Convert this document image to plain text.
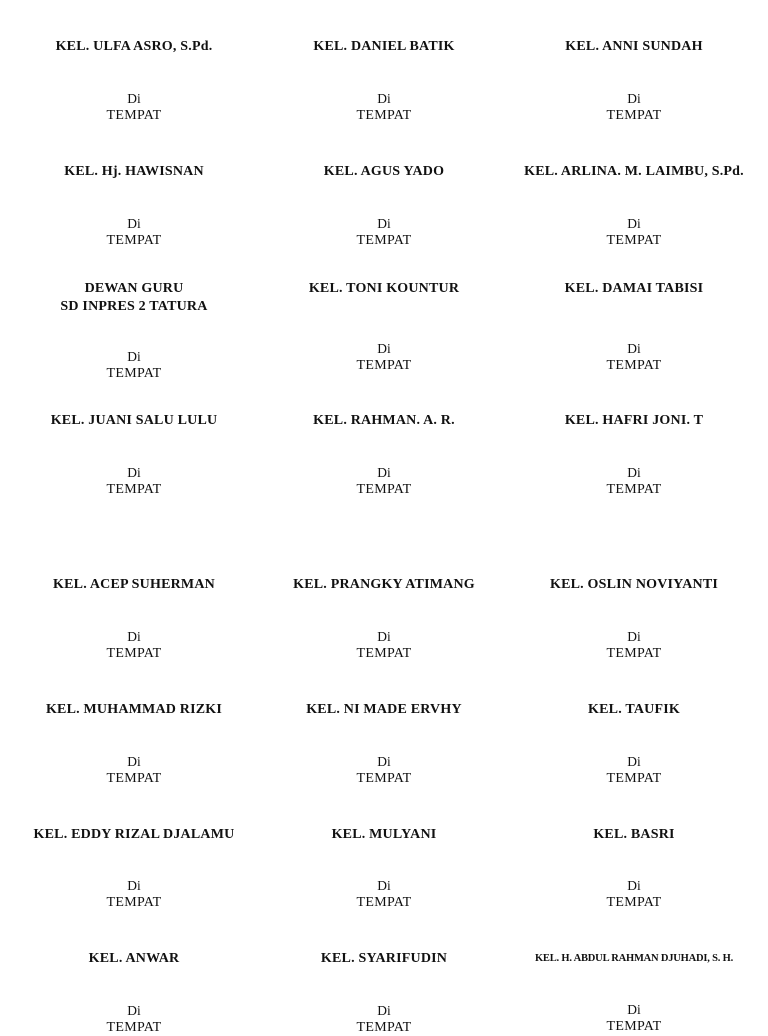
KEL. ULFA ASRO, S.Pd.
Di
TEMPAT
KEL. DANIEL BATIK
Di
TEMPAT
KEL. ANNI SUNDAH
Di
TEMPAT
KEL. Hj. HAWISNAN
Di
TEMPAT
KEL. AGUS YADO
Di
TEMPAT
KEL. ARLINA. M. LAIMBU, S.Pd.
Di
TEMPAT
DEWAN GURU
SD INPRES 2 TATURA
Di
TEMPAT
KEL. TONI KOUNTUR
Di
TEMPAT
KEL. DAMAI TABISI
Di
TEMPAT
KEL. JUANI SALU LULU
Di
TEMPAT
KEL. RAHMAN. A. R.
Di
TEMPAT
KEL. HAFRI JONI. T
Di
TEMPAT
KEL. ACEP SUHERMAN
Di
TEMPAT
KEL. PRANGKY ATIMANG
Di
TEMPAT
KEL. OSLIN NOVIYANTI
Di
TEMPAT
KEL. MUHAMMAD RIZKI
Di
TEMPAT
KEL. NI MADE ERVHY
Di
TEMPAT
KEL. TAUFIK
Di
TEMPAT
KEL. EDDY RIZAL DJALAMU
Di
TEMPAT
KEL. MULYANI
Di
TEMPAT
KEL. BASRI
Di
TEMPAT
KEL. ANWAR
Di
TEMPAT
KEL. SYARIFUDIN
Di
TEMPAT
KEL. H. ABDUL RAHMAN DJUHADI, S. H.
Di
TEMPAT
